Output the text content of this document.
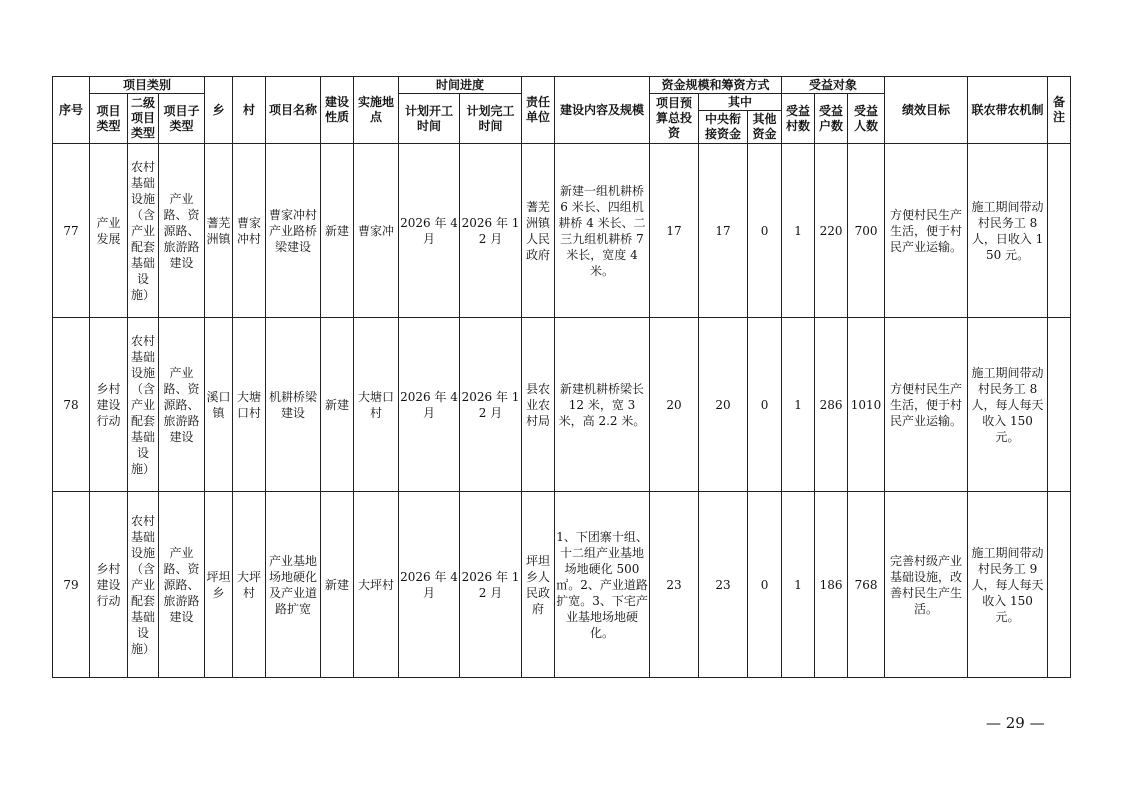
序号	项目类别			乡	村	项目名称	建设性质	实施地点	时间进度		责任单位	建设内容及规模	资金规模和筹资方式			受益对象			绩效目标	联农带农机制	备注
	项目类型	二级项目类型	项目子类型						计划开工时间	计划完工时间			项目预算总投资	其中		受益村数	受益户数	受益人数			
														中央衔接资金	其他资金						
77	产业发展	农村基础设施（含产业配套基础设施）	产业路、资源路、旅游路建设	蓍芜洲镇	曹家冲村	曹家冲村产业路桥梁建设	新建	曹家冲	2026 年 4 月	2026 年 12 月	蓍芜洲镇人民政府	新建一组机耕桥 6 米长、四组机耕桥 4 米长、二三九组机耕桥 7 米长，宽度 4 米。	17	17	0	1	220	700	方便村民生产生活，便于村民产业运输。	施工期间带动村民务工 8 人，日收入 150 元。	
78	乡村建设行动	农村基础设施（含产业配套基础设施）	产业路、资源路、旅游路建设	溪口镇	大塘口村	机耕桥梁建设	新建	大塘口村	2026 年 4 月	2026 年 12 月	县农业农村局	新建机耕桥梁长 12 米，宽 3 米，高 2.2 米。	20	20	0	1	286	1010	方便村民生产生活，便于村民产业运输。	施工期间带动村民务工 8 人，每人每天收入 150 元。	
79	乡村建设行动	农村基础设施（含产业配套基础设施）	产业路、资源路、旅游路建设	坪坦乡	大坪村	产业基地场地硬化及产业道路扩宽	新建	大坪村	2026 年 4 月	2026 年 12 月	坪坦乡人民政府	1、下团寨十组、十二组产业基地场地硬化 500 ㎡。2、产业道路扩宽。3、下宅产业基地场地硬化。	23	23	0	1	186	768	完善村级产业基础设施，改善村民生产生活。	施工期间带动村民务工 9 人，每人每天收入 150 元。	
— 29 —
